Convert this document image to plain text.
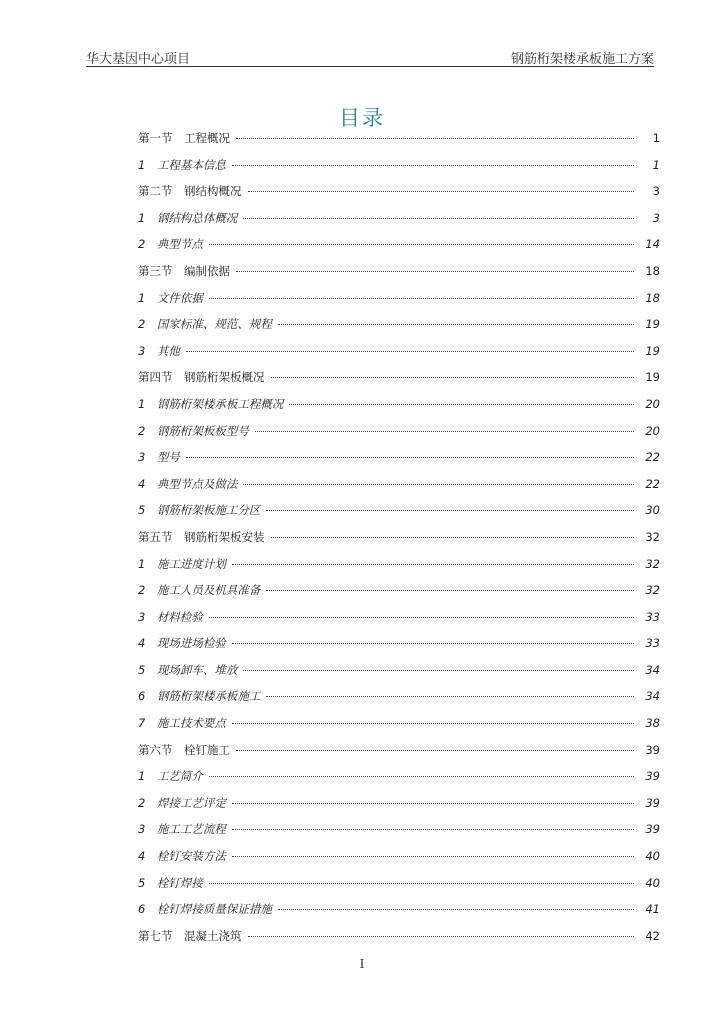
华大基因中心项目	钢筋桁架楼承板施工方案
目录
第一节　工程概况	1
1　工程基本信息	1
第二节　钢结构概况	3
1　钢结构总体概况	3
2　典型节点	14
第三节　编制依据	18
1　文件依据	18
2　国家标准、规范、规程	19
3　其他	19
第四节　钢筋桁架板概况	19
1　钢筋桁架楼承板工程概况	20
2　钢筋桁架板板型号	20
3　型号	22
4　典型节点及做法	22
5　钢筋桁架板施工分区	30
第五节　钢筋桁架板安装	32
1　施工进度计划	32
2　施工人员及机具准备	32
3　材料检验	33
4　现场进场检验	33
5　现场卸车、堆放	34
6　钢筋桁架楼承板施工	34
7　施工技术要点	38
第六节　栓钉施工	39
1　工艺简介	39
2　焊接工艺评定	39
3　施工工艺流程	39
4　栓钉安装方法	40
5　栓钉焊接	40
6　栓钉焊接质量保证措施	41
第七节　混凝土浇筑	42
I
